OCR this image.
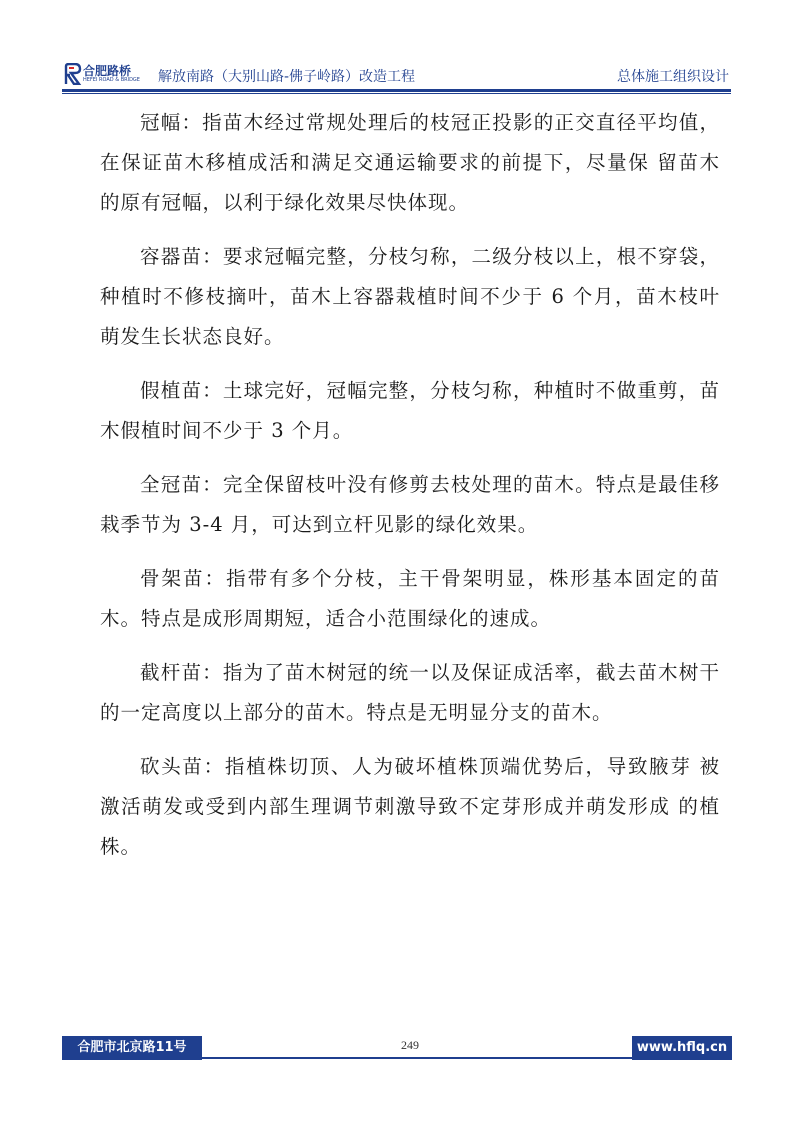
合肥路桥
HEFEI ROAD & BRIDGE 解放南路（大别山路-佛子岭路）改造工程	总体施工组织设计

冠幅：指苗木经过常规处理后的枝冠正投影的正交直径平均值，在保证苗木移植成活和满足交通运输要求的前提下，尽量保 留苗木的原有冠幅，以利于绿化效果尽快体现。

容器苗：要求冠幅完整，分枝匀称，二级分枝以上，根不穿袋， 种植时不修枝摘叶，苗木上容器栽植时间不少于 6 个月，苗木枝叶萌发生长状态良好。

假植苗：土球完好，冠幅完整，分枝匀称，种植时不做重剪，苗木假植时间不少于 3 个月。

全冠苗：完全保留枝叶没有修剪去枝处理的苗木。特点是最佳移栽季节为 3-4 月，可达到立杆见影的绿化效果。

骨架苗：指带有多个分枝，主干骨架明显，株形基本固定的苗木。特点是成形周期短，适合小范围绿化的速成。

截杆苗：指为了苗木树冠的统一以及保证成活率，截去苗木树干的一定高度以上部分的苗木。特点是无明显分支的苗木。

砍头苗：指植株切顶、人为破坏植株顶端优势后，导致腋芽 被激活萌发或受到内部生理调节刺激导致不定芽形成并萌发形成 的植株。

合肥市北京路11号	249	www.hflq.cn
